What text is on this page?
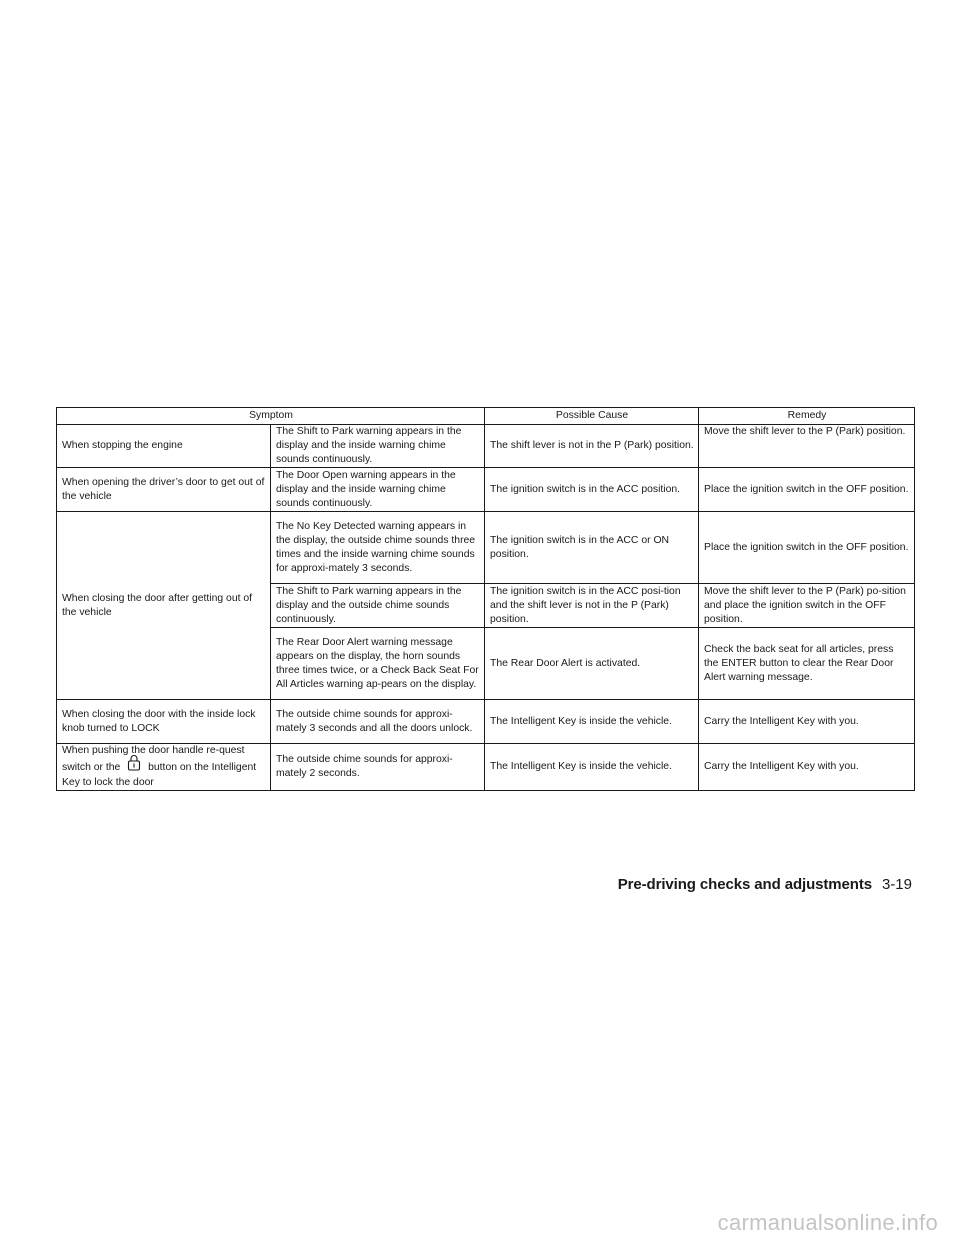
Symptom		Possible Cause	Remedy
When stopping the engine	The Shift to Park warning appears in the display and the inside warning chime sounds continuously.	The shift lever is not in the P (Park) position.	Move the shift lever to the P (Park) position.
When opening the driver’s door to get out of the vehicle	The Door Open warning appears in the display and the inside warning chime sounds continuously.	The ignition switch is in the ACC position.	Place the ignition switch in the OFF position.
When closing the door after getting out of the vehicle	The No Key Detected warning appears in the display, the outside chime sounds three times and the inside warning chime sounds for approxi-mately 3 seconds.	The ignition switch is in the ACC or ON position.	Place the ignition switch in the OFF position.
	The Shift to Park warning appears in the display and the outside chime sounds continuously.	The ignition switch is in the ACC posi-tion and the shift lever is not in the P (Park) position.	Move the shift lever to the P (Park) po-sition and place the ignition switch in the OFF position.
	The Rear Door Alert warning message appears on the display, the horn sounds three times twice, or a Check Back Seat For All Articles warning ap-pears on the display.	The Rear Door Alert is activated.	Check the back seat for all articles, press the ENTER button to clear the Rear Door Alert warning message.
When closing the door with the inside lock knob turned to LOCK	The outside chime sounds for approxi-mately 3 seconds and all the doors unlock.	The Intelligent Key is inside the vehicle.	Carry the Intelligent Key with you.
When pushing the door handle re-quest switch or the button on the Intelligent Key to lock the door	The outside chime sounds for approxi-mately 2 seconds.	The Intelligent Key is inside the vehicle.	Carry the Intelligent Key with you.
Pre-driving checks and adjustments 3-19
carmanualsonline.info
